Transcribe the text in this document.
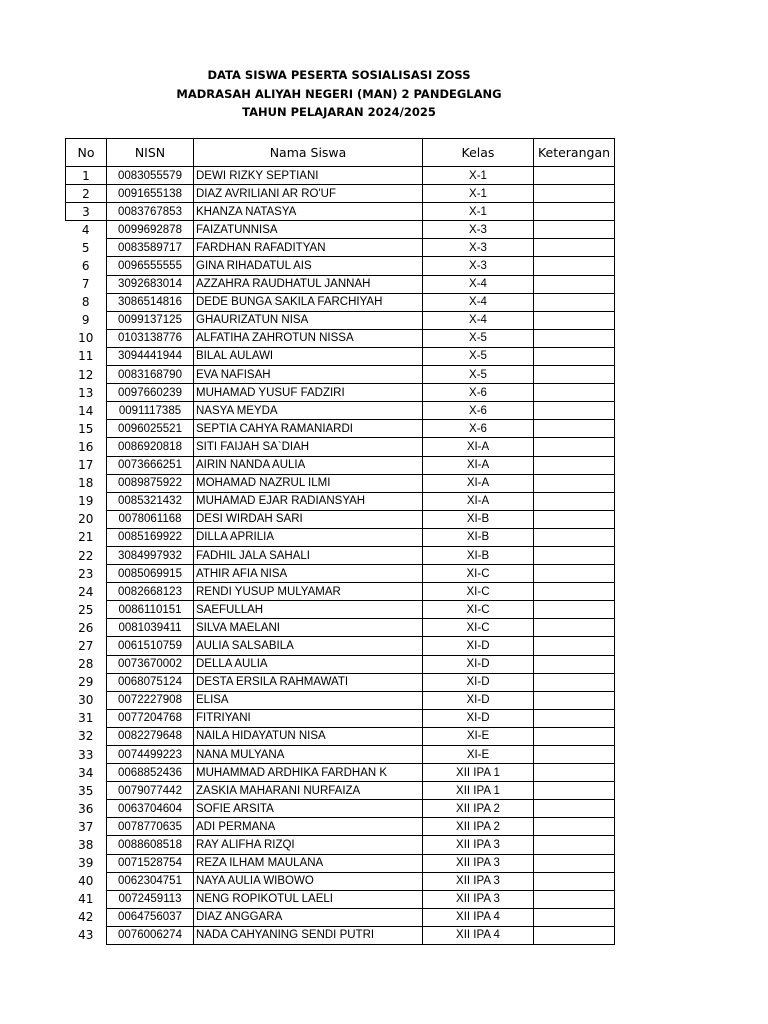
DATA SISWA PESERTA SOSIALISASI ZOSS
MADRASAH ALIYAH NEGERI (MAN) 2 PANDEGLANG
TAHUN PELAJARAN 2024/2025
No	NISN	Nama Siswa	Kelas	Keterangan
1	0083055579	DEWI RIZKY SEPTIANI	X-1	
2	0091655138	DIAZ AVRILIANI AR RO'UF	X-1	
3	0083767853	KHANZA NATASYA	X-1	
4	0099692878	FAIZATUNNISA	X-3	
5	0083589717	FARDHAN RAFADITYAN	X-3	
6	0096555555	GINA RIHADATUL AIS	X-3	
7	3092683014	AZZAHRA RAUDHATUL JANNAH	X-4	
8	3086514816	DEDE BUNGA SAKILA FARCHIYAH	X-4	
9	0099137125	GHAURIZATUN NISA	X-4	
10	0103138776	ALFATIHA ZAHROTUN NISSA	X-5	
11	3094441944	BILAL AULAWI	X-5	
12	0083168790	EVA NAFISAH	X-5	
13	0097660239	MUHAMAD YUSUF FADZIRI	X-6	
14	0091117385	NASYA MEYDA	X-6	
15	0096025521	SEPTIA CAHYA RAMANIARDI	X-6	
16	0086920818	SITI FAIJAH SA`DIAH	XI-A	
17	0073666251	AIRIN NANDA AULIA	XI-A	
18	0089875922	MOHAMAD NAZRUL ILMI	XI-A	
19	0085321432	MUHAMAD EJAR RADIANSYAH	XI-A	
20	0078061168	DESI WIRDAH SARI	XI-B	
21	0085169922	DILLA APRILIA	XI-B	
22	3084997932	FADHIL JALA SAHALI	XI-B	
23	0085069915	ATHIR AFIA NISA	XI-C	
24	0082668123	RENDI YUSUP MULYAMAR	XI-C	
25	0086110151	SAEFULLAH	XI-C	
26	0081039411	SILVA MAELANI	XI-C	
27	0061510759	AULIA SALSABILA	XI-D	
28	0073670002	DELLA AULIA	XI-D	
29	0068075124	DESTA ERSILA RAHMAWATI	XI-D	
30	0072227908	ELISA	XI-D	
31	0077204768	FITRIYANI	XI-D	
32	0082279648	NAILA HIDAYATUN NISA	XI-E	
33	0074499223	NANA MULYANA	XI-E	
34	0068852436	MUHAMMAD ARDHIKA FARDHAN K	XII IPA 1	
35	0079077442	ZASKIA MAHARANI NURFAIZA	XII IPA 1	
36	0063704604	SOFIE ARSITA	XII IPA 2	
37	0078770635	ADI PERMANA	XII IPA 2	
38	0088608518	RAY ALIFHA RIZQI	XII IPA 3	
39	0071528754	REZA ILHAM MAULANA	XII IPA 3	
40	0062304751	NAYA AULIA WIBOWO	XII IPA 3	
41	0072459113	NENG ROPIKOTUL LAELI	XII IPA 3	
42	0064756037	DIAZ ANGGARA	XII IPA 4	
43	0076006274	NADA CAHYANING SENDI PUTRI	XII IPA 4	
